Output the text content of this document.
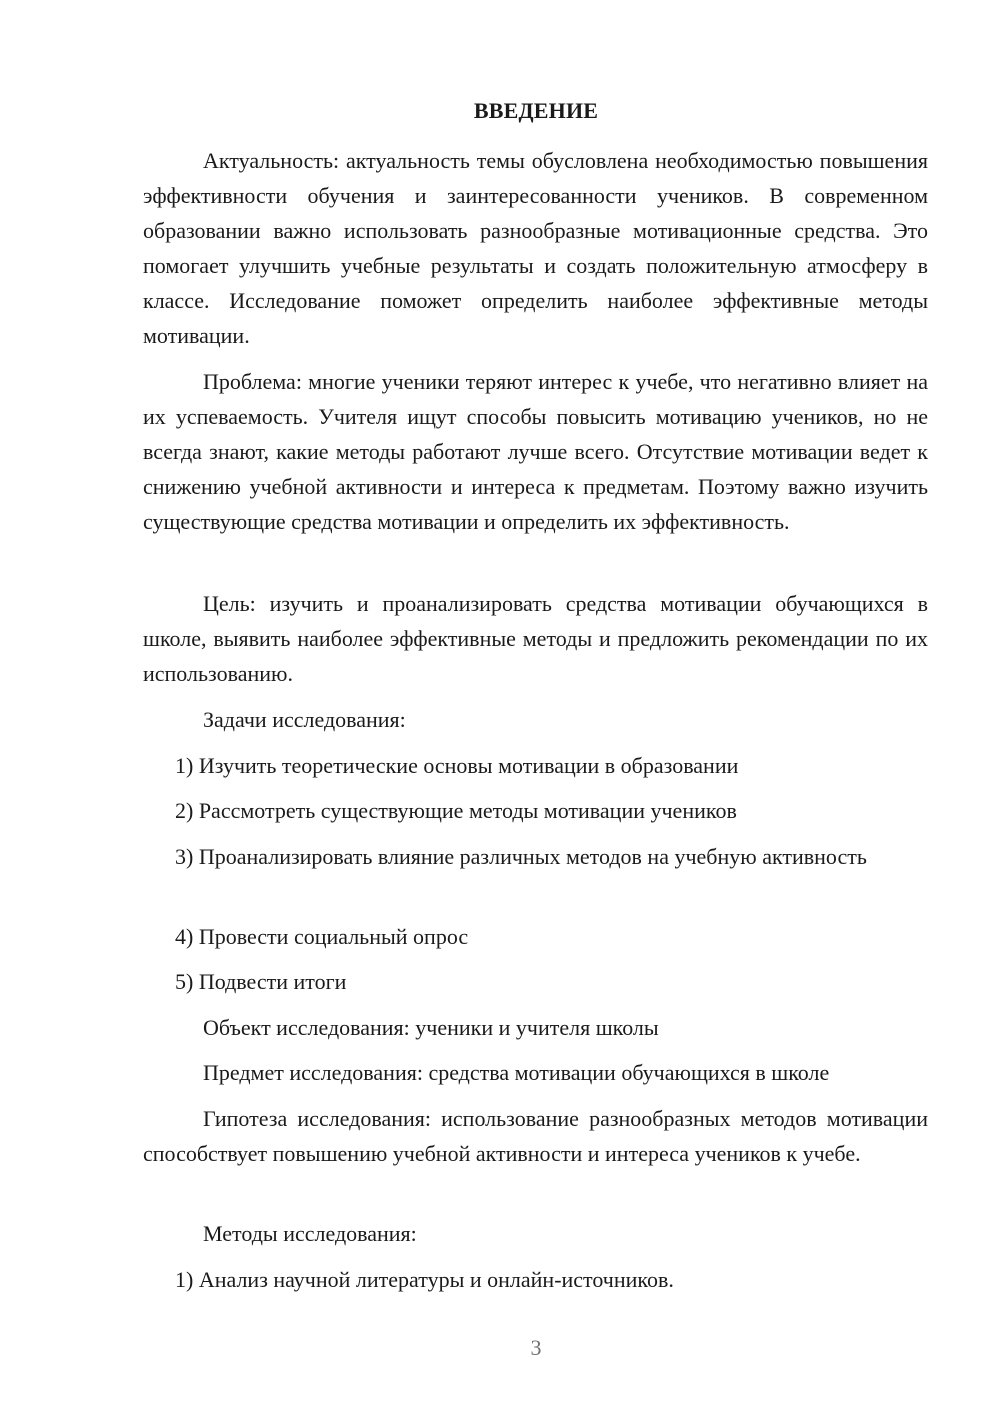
ВВЕДЕНИЕ

Актуальность: актуальность темы обусловлена необходимостью повышения эффективности обучения и заинтересованности учеников. В современном образовании важно использовать разнообразные мотивационные средства. Это помогает улучшить учебные результаты и создать положительную атмосферу в классе. Исследование поможет определить наиболее эффективные методы мотивации.

Проблема: многие ученики теряют интерес к учебе, что негативно влияет на их успеваемость. Учителя ищут способы повысить мотивацию учеников, но не всегда знают, какие методы работают лучше всего. Отсутствие мотивации ведет к снижению учебной активности и интереса к предметам. Поэтому важно изучить существующие средства мотивации и определить их эффективность.

Цель: изучить и проанализировать средства мотивации обучающихся в школе, выявить наиболее эффективные методы и предложить рекомендации по их использованию.

Задачи исследования:

1) Изучить теоретические основы мотивации в образовании

2) Рассмотреть существующие методы мотивации учеников

3) Проанализировать влияние различных методов на учебную активность

4) Провести социальный опрос

5) Подвести итоги

Объект исследования: ученики и учителя школы

Предмет исследования: средства мотивации обучающихся в школе

Гипотеза исследования: использование разнообразных методов мотивации способствует повышению учебной активности и интереса учеников к учебе.

Методы исследования:

1) Анализ научной литературы и онлайн-источников.

3
